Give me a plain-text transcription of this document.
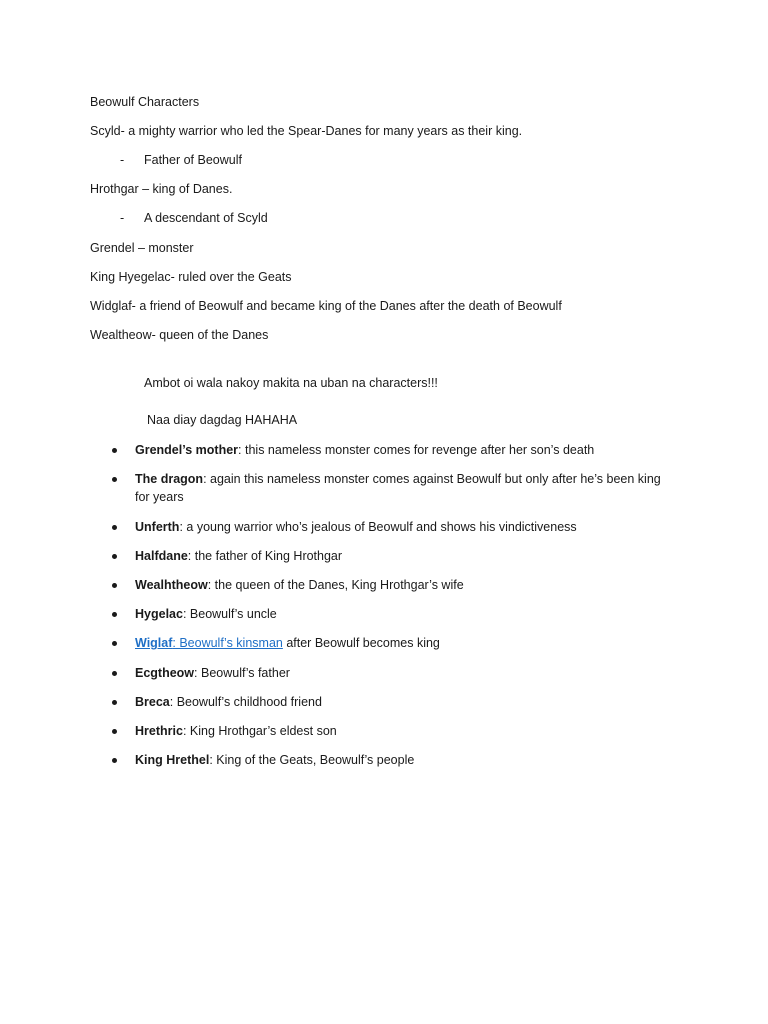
Beowulf Characters
Scyld- a mighty warrior who led the Spear-Danes for many years as their king.
- Father of Beowulf
Hrothgar – king of Danes.
- A descendant of Scyld
Grendel – monster
King Hyegelac- ruled over the Geats
Widglaf- a friend of Beowulf and became king of the Danes after the death of Beowulf
Wealtheow- queen of the Danes
Ambot oi wala nakoy makita na uban na characters!!!
Naa diay dagdag HAHAHA
Grendel’s mother: this nameless monster comes for revenge after her son’s death
The dragon: again this nameless monster comes against Beowulf but only after he’s been king for years
Unferth: a young warrior who’s jealous of Beowulf and shows his vindictiveness
Halfdane: the father of King Hrothgar
Wealhtheow: the queen of the Danes, King Hrothgar’s wife
Hygelac: Beowulf’s uncle
Wiglaf: Beowulf’s kinsman after Beowulf becomes king
Ecgtheow: Beowulf’s father
Breca: Beowulf’s childhood friend
Hrethric: King Hrothgar’s eldest son
King Hrethel: King of the Geats, Beowulf’s people
